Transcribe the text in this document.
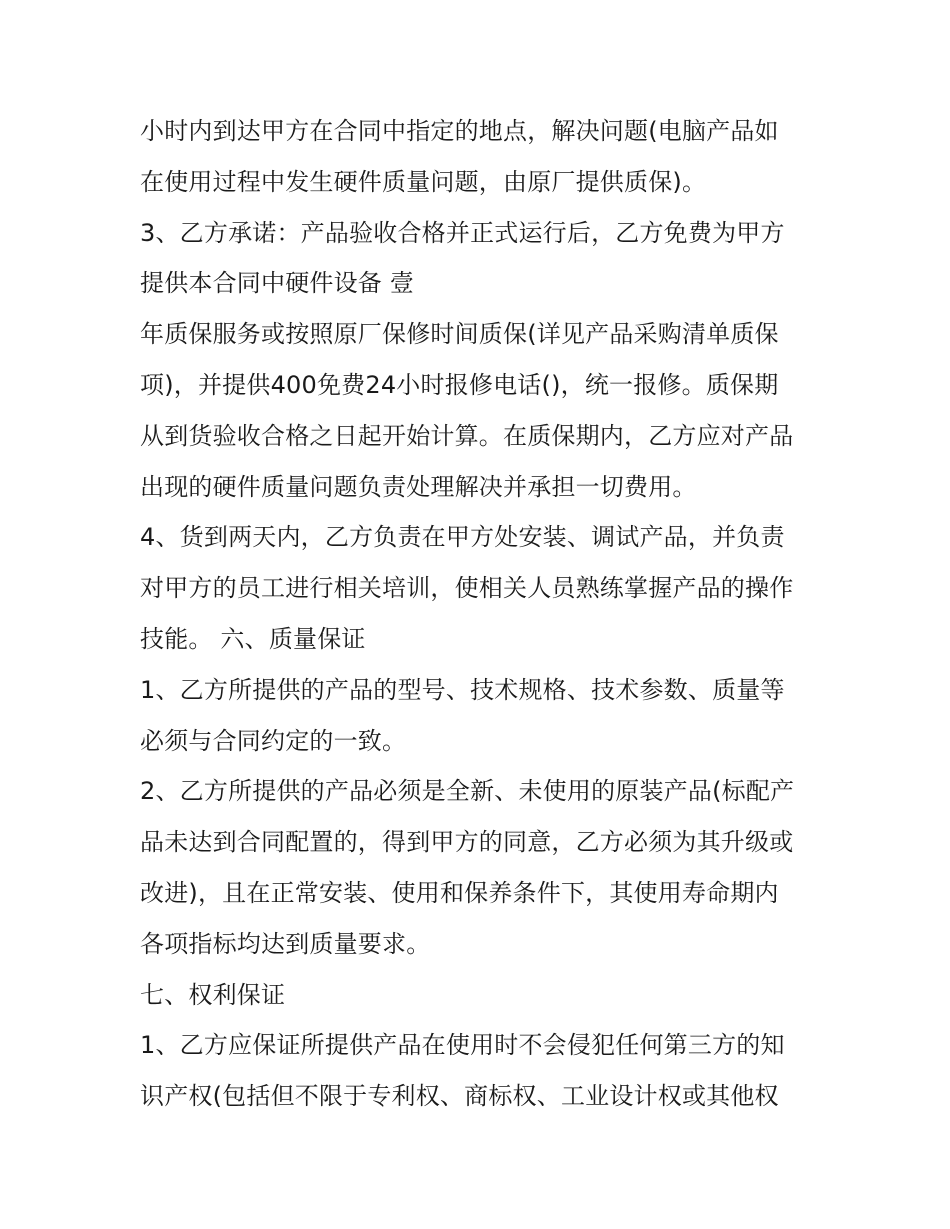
小时内到达甲方在合同中指定的地点，解决问题(电脑产品如
在使用过程中发生硬件质量问题，由原厂提供质保)。
3、乙方承诺：产品验收合格并正式运行后，乙方免费为甲方
提供本合同中硬件设备 壹
年质保服务或按照原厂保修时间质保(详见产品采购清单质保
项)，并提供400免费24小时报修电话()，统一报修。质保期
从到货验收合格之日起开始计算。在质保期内，乙方应对产品
出现的硬件质量问题负责处理解决并承担一切费用。
4、货到两天内，乙方负责在甲方处安装、调试产品，并负责
对甲方的员工进行相关培训，使相关人员熟练掌握产品的操作
技能。 六、质量保证
1、乙方所提供的产品的型号、技术规格、技术参数、质量等
必须与合同约定的一致。
2、乙方所提供的产品必须是全新、未使用的原装产品(标配产
品未达到合同配置的，得到甲方的同意，乙方必须为其升级或
改进)，且在正常安装、使用和保养条件下，其使用寿命期内
各项指标均达到质量要求。
七、权利保证
1、乙方应保证所提供产品在使用时不会侵犯任何第三方的知
识产权(包括但不限于专利权、商标权、工业设计权或其他权
